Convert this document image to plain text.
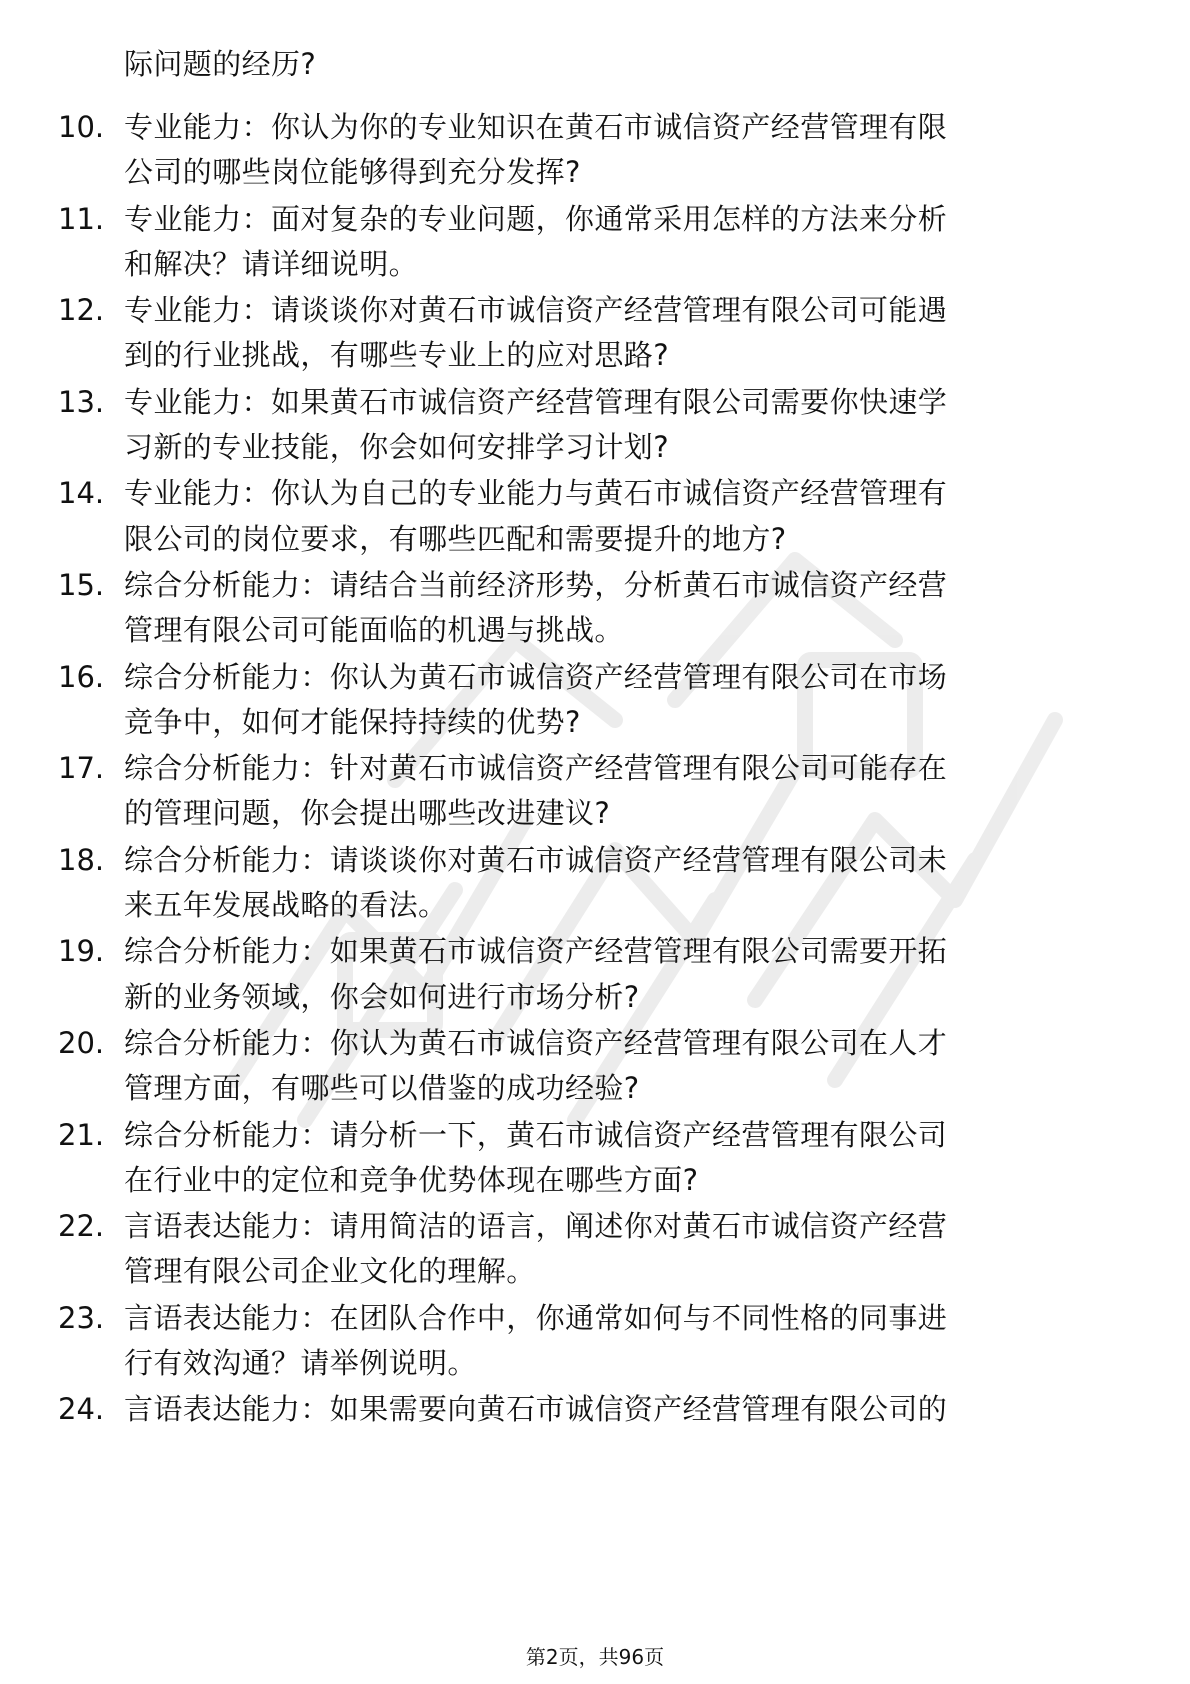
际问题的经历?
10. 专业能力：你认为你的专业知识在黄石市诚信资产经营管理有限
公司的哪些岗位能够得到充分发挥?
11. 专业能力：面对复杂的专业问题，你通常采用怎样的方法来分析
和解决？请详细说明。
12. 专业能力：请谈谈你对黄石市诚信资产经营管理有限公司可能遇
到的行业挑战，有哪些专业上的应对思路?
13. 专业能力：如果黄石市诚信资产经营管理有限公司需要你快速学
习新的专业技能，你会如何安排学习计划?
14. 专业能力：你认为自己的专业能力与黄石市诚信资产经营管理有
限公司的岗位要求，有哪些匹配和需要提升的地方?
15. 综合分析能力：请结合当前经济形势，分析黄石市诚信资产经营
管理有限公司可能面临的机遇与挑战。
16. 综合分析能力：你认为黄石市诚信资产经营管理有限公司在市场
竞争中，如何才能保持持续的优势?
17. 综合分析能力：针对黄石市诚信资产经营管理有限公司可能存在
的管理问题，你会提出哪些改进建议?
18. 综合分析能力：请谈谈你对黄石市诚信资产经营管理有限公司未
来五年发展战略的看法。
19. 综合分析能力：如果黄石市诚信资产经营管理有限公司需要开拓
新的业务领域，你会如何进行市场分析?
20. 综合分析能力：你认为黄石市诚信资产经营管理有限公司在人才
管理方面，有哪些可以借鉴的成功经验?
21. 综合分析能力：请分析一下，黄石市诚信资产经营管理有限公司
在行业中的定位和竞争优势体现在哪些方面?
22. 言语表达能力：请用简洁的语言，阐述你对黄石市诚信资产经营
管理有限公司企业文化的理解。
23. 言语表达能力：在团队合作中，你通常如何与不同性格的同事进
行有效沟通？请举例说明。
24. 言语表达能力：如果需要向黄石市诚信资产经营管理有限公司的
第2页，共96页
